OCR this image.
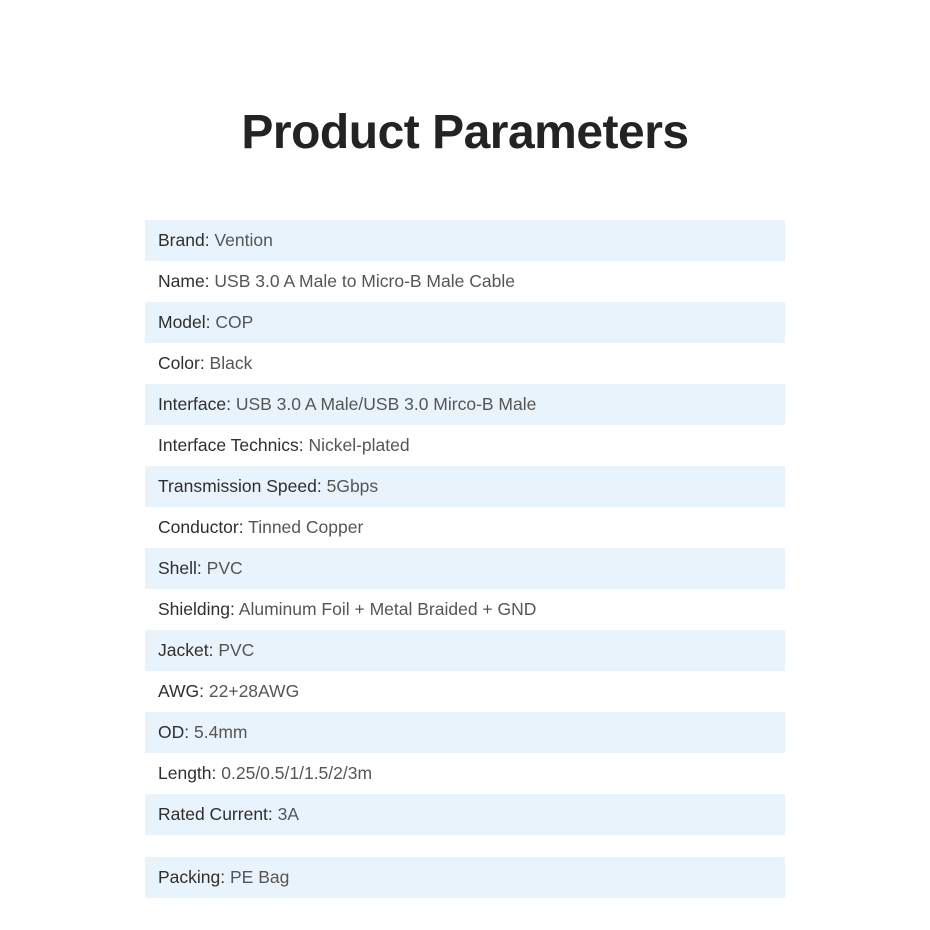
Product Parameters
Brand: Vention
Name: USB 3.0 A Male to Micro-B Male Cable
Model: COP
Color: Black
Interface: USB 3.0 A Male/USB 3.0 Mirco-B Male
Interface Technics: Nickel-plated
Transmission Speed: 5Gbps
Conductor: Tinned Copper
Shell: PVC
Shielding: Aluminum Foil + Metal Braided + GND
Jacket: PVC
AWG: 22+28AWG
OD: 5.4mm
Length: 0.25/0.5/1/1.5/2/3m
Rated Current: 3A
Packing: PE Bag
